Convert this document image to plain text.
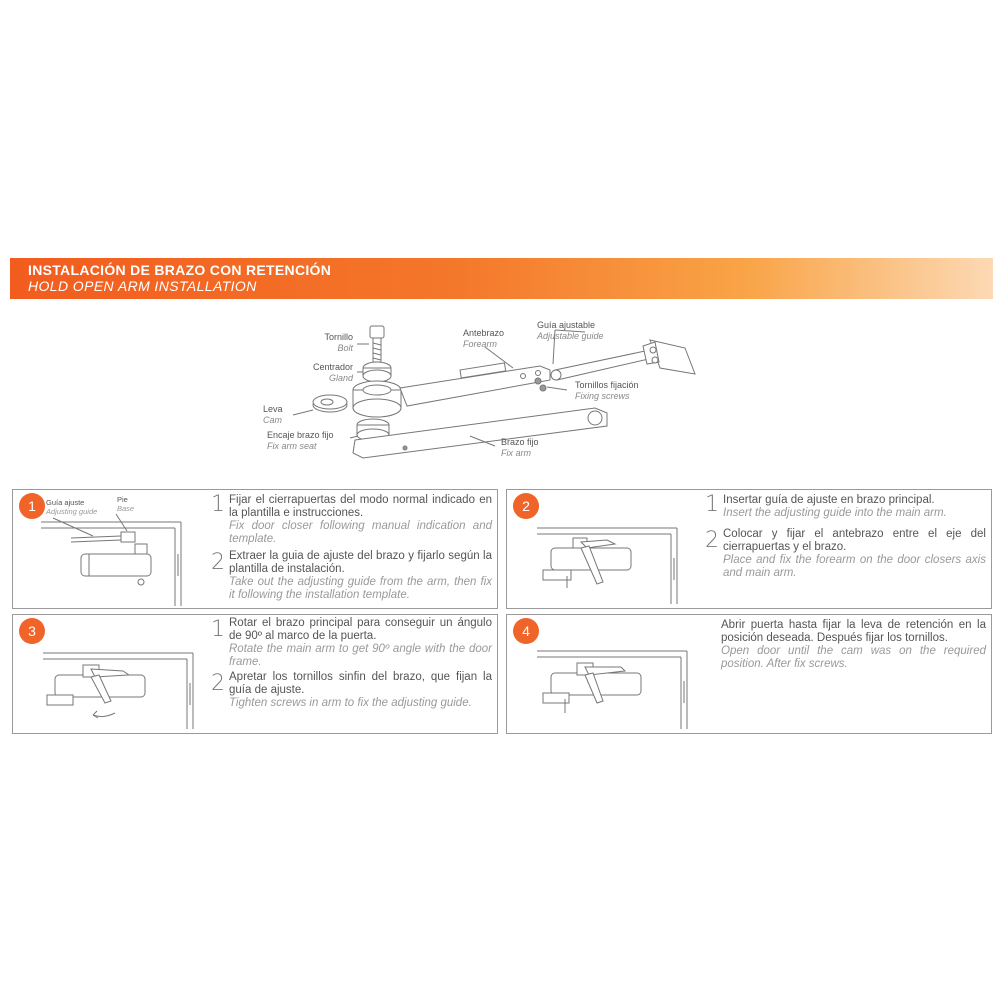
INSTALACIÓN DE BRAZO CON RETENCIÓN
HOLD OPEN ARM INSTALLATION
Tornillo
Bolt
Centrador
Gland
Leva
Cam
Encaje brazo fijo
Fix arm seat
Antebrazo
Forearm
Guía ajustable
Adjustable guide
Tornillos fijación
Fixing screws
Brazo fijo
Fix arm
1	Guía ajuste
Adjusting guide
Pie
Base	1 Fijar el cierrapuertas del modo normal indicado en la plantilla e instrucciones.
Fix door closer following manual indication and template.
2 Extraer la guia de ajuste del brazo y fijarlo según la plantilla de instalación.
Take out the adjusting guide from the arm, then fix it following the installation template.
2	1 Insertar guía de ajuste en brazo principal.
Insert the adjusting guide into the main arm.
2 Colocar y fijar el antebrazo entre el eje del cierrapuertas y el brazo.
Place and fix the forearm on the door closers axis and main arm.
3	1 Rotar el brazo principal para conseguir un ángulo de 90º al marco de la puerta.
Rotate the main arm to get 90º angle with the door frame.
2 Apretar los tornillos sinfin del brazo, que fijan la guía de ajuste.
Tighten screws in arm to fix the adjusting guide.
4	Abrir puerta hasta fijar la leva de retención en la posición deseada. Después fijar los tornillos.
Open door until the cam was on the required position. After fix screws.
